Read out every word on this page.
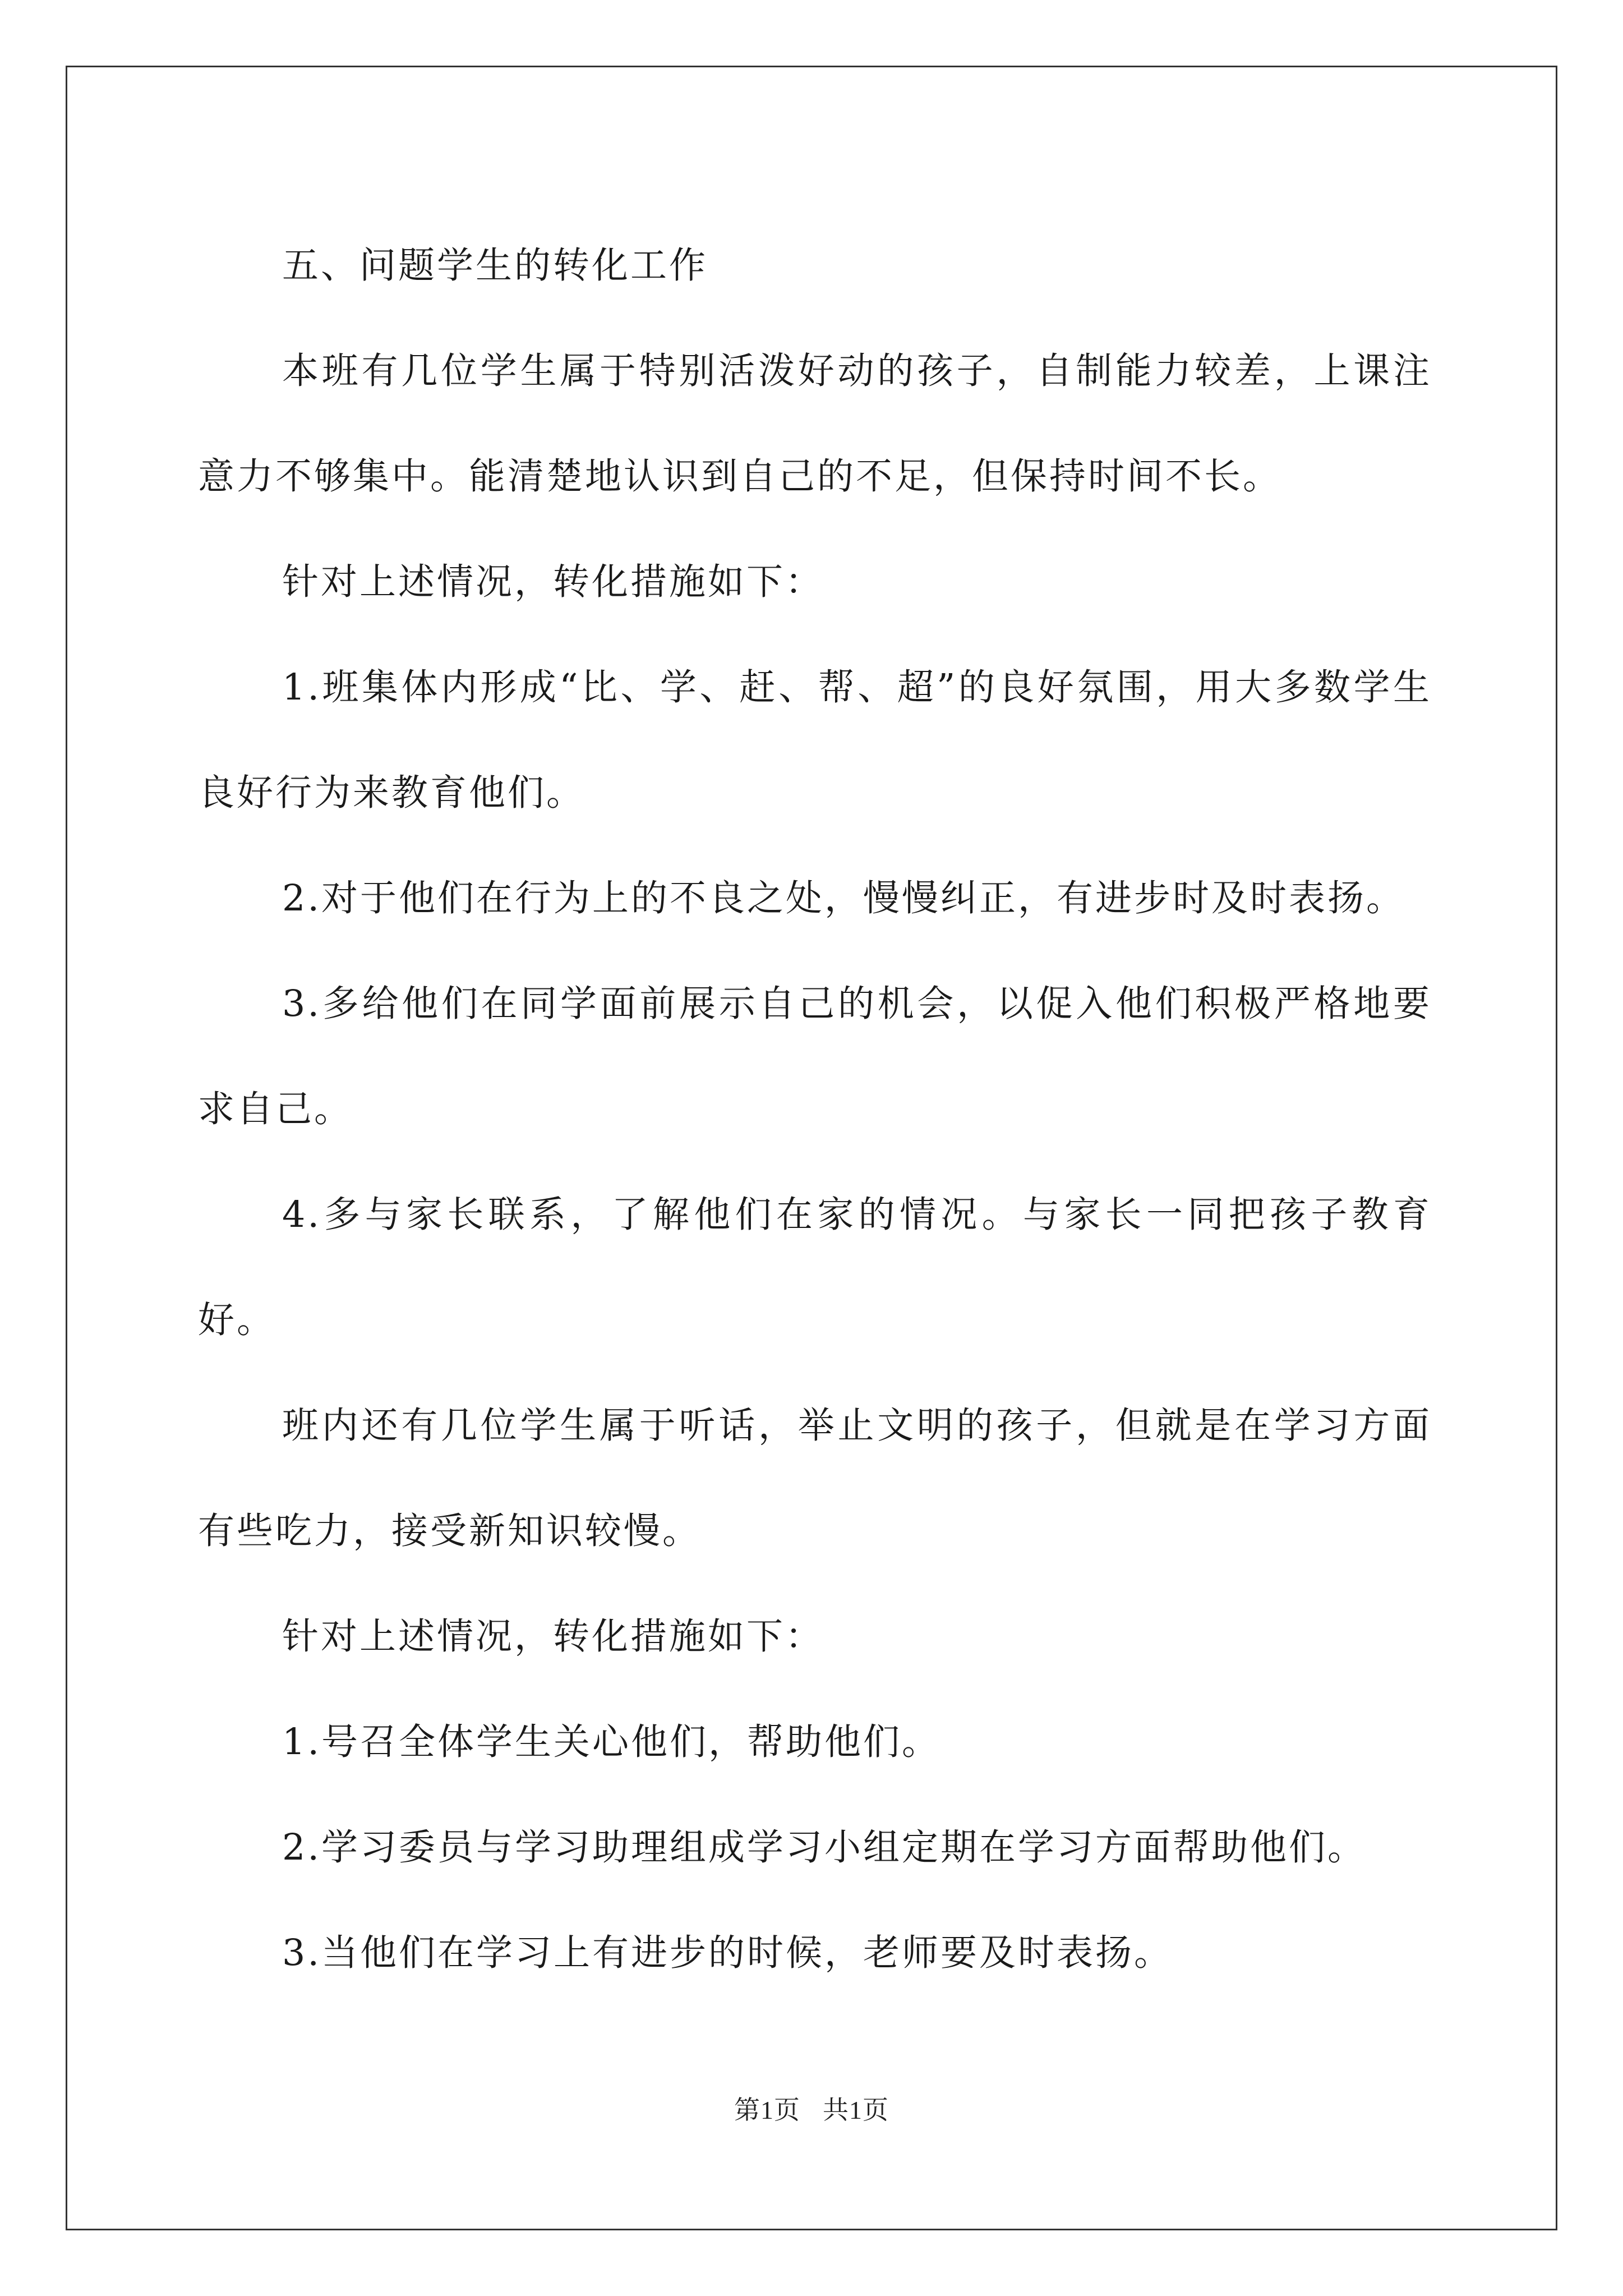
五、问题学生的转化工作

本班有几位学生属于特别活泼好动的孩子，自制能力较差，上课注意力不够集中。能清楚地认识到自己的不足，但保持时间不长。

针对上述情况，转化措施如下：

1.班集体内形成“比、学、赶、帮、超”的良好氛围，用大多数学生良好行为来教育他们。

2.对于他们在行为上的不良之处，慢慢纠正，有进步时及时表扬。

3.多给他们在同学面前展示自己的机会，以促入他们积极严格地要求自己。

4.多与家长联系，了解他们在家的情况。与家长一同把孩子教育好。

班内还有几位学生属于听话，举止文明的孩子，但就是在学习方面有些吃力，接受新知识较慢。

针对上述情况，转化措施如下：

1.号召全体学生关心他们，帮助他们。

2.学习委员与学习助理组成学习小组定期在学习方面帮助他们。

3.当他们在学习上有进步的时候，老师要及时表扬。

第1页 共1页
